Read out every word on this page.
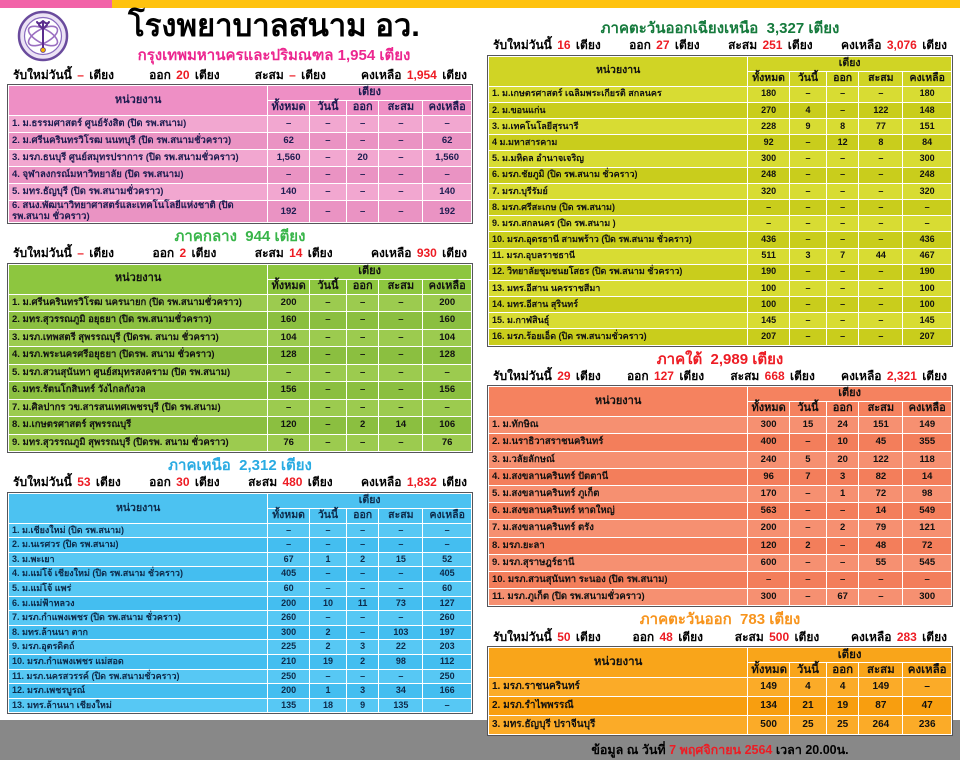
โรงพยาบาลสนาม อว.
กรุงเทพมหานครและปริมณฑล 1,954 เตียง
รับใหม่วันนี้ – เตียง	ออก 20 เตียง	สะสม – เตียง	คงเหลือ 1,954 เตียง
หน่วยงาน	เตียง				
	ทั้งหมด	วันนี้	ออก	สะสม	คงเหลือ
1. ม.ธรรมศาสตร์ ศูนย์รังสิต (ปิด รพ.สนาม)	–	–	–	–	–
2. ม.ศรีนครินทรวิโรฒ นนทบุรี (ปิด รพ.สนามชั่วคราว)	62	–	–	–	62
3. มรภ.ธนบุรี ศูนย์สมุทรปราการ (ปิด รพ.สนามชั่วคราว)	1,560	–	20	–	1,560
4. จุฬาลงกรณ์มหาวิทยาลัย (ปิด รพ.สนาม)	–	–	–	–	–
5. มทร.ธัญบุรี (ปิด รพ.สนามชั่วคราว)	140	–	–	–	140
6. สนง.พัฒนาวิทยาศาสตร์และเทคโนโลยีแห่งชาติ (ปิด รพ.สนาม ชั่วคราว)	192	–	–	–	192
ภาคกลาง  944 เตียง
รับใหม่วันนี้ – เตียง	ออก 2 เตียง	สะสม 14 เตียง	คงเหลือ 930 เตียง
หน่วยงาน	เตียง				
	ทั้งหมด	วันนี้	ออก	สะสม	คงเหลือ
1. ม.ศรีนครินทรวิโรฒ นครนายก (ปิด รพ.สนามชั่วคราว)	200	–	–	–	200
2. มทร.สุวรรณภูมิ อยุธยา (ปิด รพ.สนามชั่วคราว)	160	–	–	–	160
3. มรภ.เทพสตรี สุพรรณบุรี (ปิดรพ. สนาม ชั่วคราว)	104	–	–	–	104
4. มรภ.พระนครศรีอยุธยา (ปิดรพ. สนาม ชั่วคราว)	128	–	–	–	128
5. มรภ.สวนสุนันทา ศูนย์สมุทรสงคราม (ปิด รพ.สนาม)	–	–	–	–	–
6. มทร.รัตนโกสินทร์ วังไกลกังวล	156	–	–	–	156
7. ม.ศิลปากร วข.สารสนเทศเพชรบุรี (ปิด รพ.สนาม)	–	–	–	–	–
8. ม.เกษตรศาสตร์ สุพรรณบุรี	120	–	2	14	106
9. มทร.สุวรรณภูมิ สุพรรณบุรี (ปิดรพ. สนาม ชั่วคราว)	76	–	–	–	76
ภาคเหนือ  2,312 เตียง
รับใหม่วันนี้ 53 เตียง ออก 30 เตียง สะสม 480 เตียง คงเหลือ 1,832 เตียง
หน่วยงาน	เตียง				
	ทั้งหมด	วันนี้	ออก	สะสม	คงเหลือ
1. ม.เชียงใหม่ (ปิด รพ.สนาม)	–	–	–	–	–
2. ม.นเรศวร (ปิด รพ.สนาม)	–	–	–	–	–
3. ม.พะเยา	67	1	2	15	52
4. ม.แม่โจ้ เชียงใหม่ (ปิด รพ.สนาม ชั่วคราว)	405	–	–	–	405
5. ม.แม่โจ้ แพร่	60	–	–	–	60
6. ม.แม่ฟ้าหลวง	200	10	11	73	127
7. มรภ.กำแพงเพชร (ปิด รพ.สนาม ชั่วคราว)	260	–	–	–	260
8. มทร.ล้านนา ตาก	300	2	–	103	197
9. มรภ.อุตรดิตถ์	225	2	3	22	203
10. มรภ.กำแพงเพชร แม่สอด	210	19	2	98	112
11. มรภ.นครสวรรค์ (ปิด รพ.สนามชั่วคราว)	250	–	–	–	250
12. มรภ.เพชรบูรณ์	200	1	3	34	166
13. มทร.ล้านนา เชียงใหม่	135	18	9	135	–
ภาคตะวันออกเฉียงเหนือ  3,327 เตียง
รับใหม่วันนี้ 16 เตียง ออก 27 เตียง สะสม 251 เตียง คงเหลือ 3,076 เตียง
หน่วยงาน	เตียง				
	ทั้งหมด	วันนี้	ออก	สะสม	คงเหลือ
1. ม.เกษตรศาสตร์ เฉลิมพระเกียรติ สกลนคร	180	–	–	–	180
2. ม.ขอนแก่น	270	4	–	122	148
3. ม.เทคโนโลยีสุรนารี	228	9	8	77	151
4 ม.มหาสารคาม	92	–	12	8	84
5. ม.มหิดล อำนาจเจริญ	300	–	–	–	300
6. มรภ.ชัยภูมิ (ปิด รพ.สนาม ชั่วคราว)	248	–	–	–	248
7. มรภ.บุรีรัมย์	320	–	–	–	320
8. มรภ.ศรีสะเกษ (ปิด รพ.สนาม)	–	–	–	–	–
9. มรภ.สกลนคร (ปิด รพ.สนาม )	–	–	–	–	–
10. มรภ.อุดรธานี สามพร้าว (ปิด รพ.สนาม ชั่วคราว)	436	–	–	–	436
11. มรภ.อุบลราชธานี	511	3	7	44	467
12. วิทยาลัยชุมชนยโสธร (ปิด รพ.สนาม ชั่วคราว)	190	–	–	–	190
13. มทร.อีสาน นครราชสีมา	100	–	–	–	100
14. มทร.อีสาน สุรินทร์	100	–	–	–	100
15. ม.กาฬสินธุ์	145	–	–	–	145
16. มรภ.ร้อยเอ็ด (ปิด รพ.สนามชั่วคราว)	207	–	–	–	207
ภาคใต้  2,989 เตียง
รับใหม่วันนี้ 29 เตียง ออก 127 เตียง สะสม 668 เตียง คงเหลือ 2,321 เตียง
หน่วยงาน	เตียง				
	ทั้งหมด	วันนี้	ออก	สะสม	คงเหลือ
1. ม.ทักษิณ	300	15	24	151	149
2. ม.นราธิวาสราชนครินทร์	400	–	10	45	355
3. ม.วลัยลักษณ์	240	5	20	122	118
4. ม.สงขลานครินทร์ ปัตตานี	96	7	3	82	14
5. ม.สงขลานครินทร์ ภูเก็ต	170	–	1	72	98
6. ม.สงขลานครินทร์ หาดใหญ่	563	–	–	14	549
7. ม.สงขลานครินทร์ ตรัง	200	–	2	79	121
8. มรภ.ยะลา	120	2	–	48	72
9. มรภ.สุราษฎร์ธานี	600	–	–	55	545
10. มรภ.สวนสุนันทา ระนอง (ปิด รพ.สนาม)	–	–	–	–	–
11. มรภ.ภูเก็ต (ปิด รพ.สนามชั่วคราว)	300	–	67	–	300
ภาคตะวันออก  783 เตียง
รับใหม่วันนี้ 50 เตียง	ออก 48 เตียง	สะสม 500 เตียง	คงเหลือ 283 เตียง
หน่วยงาน	เตียง				
	ทั้งหมด	วันนี้	ออก	สะสม	คงเหลือ
1. มรภ.ราชนครินทร์	149	4	4	149	–
2. มรภ.รำไพพรรณี	134	21	19	87	47
3. มทร.ธัญบุรี ปราจีนบุรี	500	25	25	264	236
ข้อมูล ณ วันที่ 7 พฤศจิกายน 2564 เวลา 20.00น.
